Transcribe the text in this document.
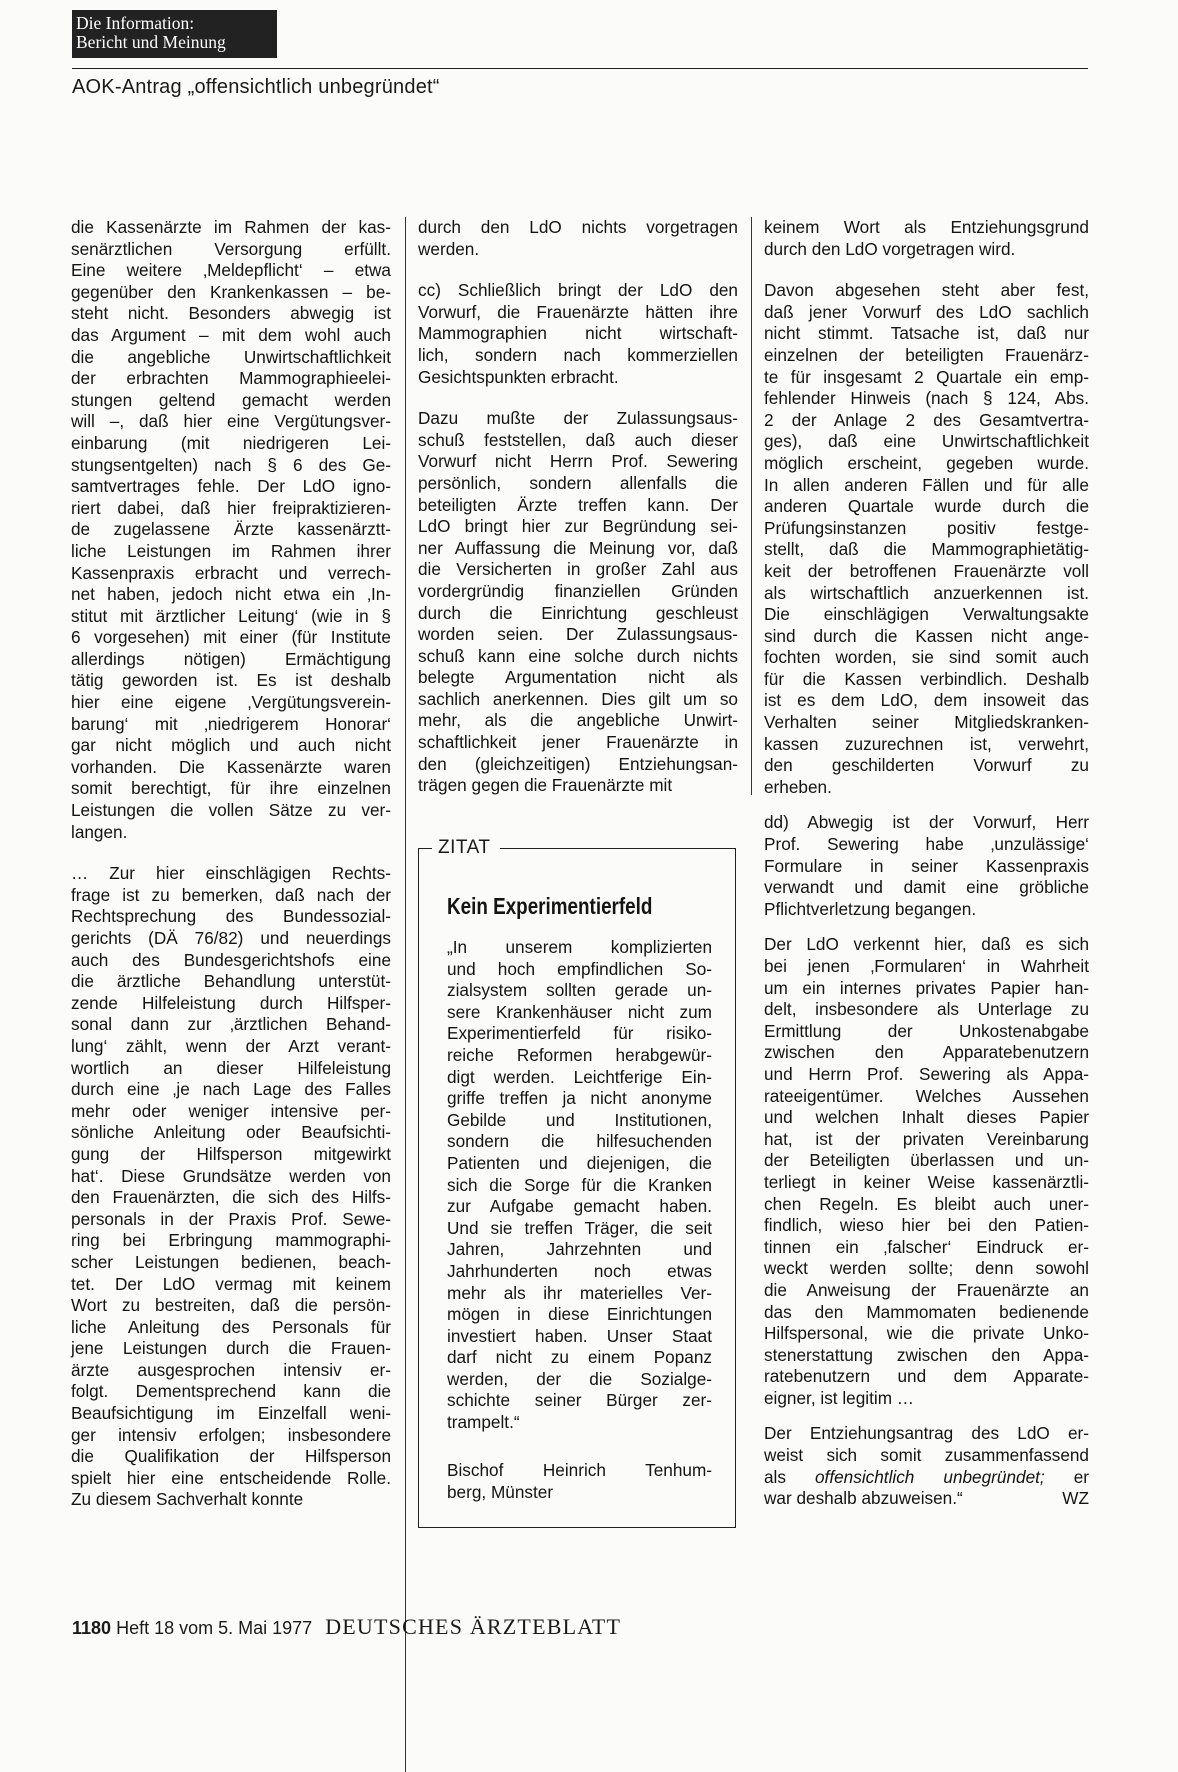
Die Information:
Bericht und Meinung
AOK-Antrag „offensichtlich unbegründet“

die Kassenärzte im Rahmen der kas-

senärztlichen Versorgung erfüllt.

Eine weitere ‚Meldepflicht‘ – etwa

gegenüber den Krankenkassen – be-

steht nicht. Besonders abwegig ist

das Argument – mit dem wohl auch

die angebliche Unwirtschaftlichkeit

der erbrachten Mammographieelei-

stungen geltend gemacht werden

will –, daß hier eine Vergütungsver-

einbarung (mit niedrigeren Lei-

stungsentgelten) nach § 6 des Ge-

samtvertrages fehle. Der LdO igno-

riert dabei, daß hier freipraktizieren-

de zugelassene Ärzte kassenärztt-

liche Leistungen im Rahmen ihrer

Kassenpraxis erbracht und verrech-

net haben, jedoch nicht etwa ein ‚In-

stitut mit ärztlicher Leitung‘ (wie in §

6 vorgesehen) mit einer (für Institute

allerdings nötigen) Ermächtigung

tätig geworden ist. Es ist deshalb

hier eine eigene ‚Vergütungsverein-

barung‘ mit ‚niedrigerem Honorar‘

gar nicht möglich und auch nicht

vorhanden. Die Kassenärzte waren

somit berechtigt, für ihre einzelnen

Leistungen die vollen Sätze zu ver-

langen.

… Zur hier einschlägigen Rechts-

frage ist zu bemerken, daß nach der

Rechtsprechung des Bundessozial-

gerichts (DÄ 76/82) und neuerdings

auch des Bundesgerichtshofs eine

die ärztliche Behandlung unterstüt-

zende Hilfeleistung durch Hilfsper-

sonal dann zur ‚ärztlichen Behand-

lung‘ zählt, wenn der Arzt verant-

wortlich an dieser Hilfeleistung

durch eine ‚je nach Lage des Falles

mehr oder weniger intensive per-

sönliche Anleitung oder Beaufsichti-

gung der Hilfsperson mitgewirkt

hat‘. Diese Grundsätze werden von

den Frauenärzten, die sich des Hilfs-

personals in der Praxis Prof. Sewe-

ring bei Erbringung mammographi-

scher Leistungen bedienen, beach-

tet. Der LdO vermag mit keinem

Wort zu bestreiten, daß die persön-

liche Anleitung des Personals für

jene Leistungen durch die Frauen-

ärzte ausgesprochen intensiv er-

folgt. Dementsprechend kann die

Beaufsichtigung im Einzelfall weni-

ger intensiv erfolgen; insbesondere

die Qualifikation der Hilfsperson

spielt hier eine entscheidende Rolle.

Zu diesem Sachverhalt konnte

durch den LdO nichts vorgetragen

werden.

cc) Schließlich bringt der LdO den

Vorwurf, die Frauenärzte hätten ihre

Mammographien nicht wirtschaft-

lich, sondern nach kommerziellen

Gesichtspunkten erbracht.

Dazu mußte der Zulassungsaus-

schuß feststellen, daß auch dieser

Vorwurf nicht Herrn Prof. Sewering

persönlich, sondern allenfalls die

beteiligten Ärzte treffen kann. Der

LdO bringt hier zur Begründung sei-

ner Auffassung die Meinung vor, daß

die Versicherten in großer Zahl aus

vordergründig finanziellen Gründen

durch die Einrichtung geschleust

worden seien. Der Zulassungsaus-

schuß kann eine solche durch nichts

belegte Argumentation nicht als

sachlich anerkennen. Dies gilt um so

mehr, als die angebliche Unwirt-

schaftlichkeit jener Frauenärzte in

den (gleichzeitigen) Entziehungsan-

trägen gegen die Frauenärzte mit

ZITAT
Kein Experimentierfeld

„In unserem komplizierten

und hoch empfindlichen So-

zialsystem sollten gerade un-

sere Krankenhäuser nicht zum

Experimentierfeld für risiko-

reiche Reformen herabgewür-

digt werden. Leichtferige Ein-

griffe treffen ja nicht anonyme

Gebilde und Institutionen,

sondern die hilfesuchenden

Patienten und diejenigen, die

sich die Sorge für die Kranken

zur Aufgabe gemacht haben.

Und sie treffen Träger, die seit

Jahren, Jahrzehnten und

Jahrhunderten noch etwas

mehr als ihr materielles Ver-

mögen in diese Einrichtungen

investiert haben. Unser Staat

darf nicht zu einem Popanz

werden, der die Sozialge-

schichte seiner Bürger zer-

trampelt.“

Bischof Heinrich Tenhum-

berg, Münster

keinem Wort als Entziehungsgrund

durch den LdO vorgetragen wird.

Davon abgesehen steht aber fest,

daß jener Vorwurf des LdO sachlich

nicht stimmt. Tatsache ist, daß nur

einzelnen der beteiligten Frauenärz-

te für insgesamt 2 Quartale ein emp-

fehlender Hinweis (nach § 124, Abs.

2 der Anlage 2 des Gesamtvertra-

ges), daß eine Unwirtschaftlichkeit

möglich erscheint, gegeben wurde.

In allen anderen Fällen und für alle

anderen Quartale wurde durch die

Prüfungsinstanzen positiv festge-

stellt, daß die Mammographietätig-

keit der betroffenen Frauenärzte voll

als wirtschaftlich anzuerkennen ist.

Die einschlägigen Verwaltungsakte

sind durch die Kassen nicht ange-

fochten worden, sie sind somit auch

für die Kassen verbindlich. Deshalb

ist es dem LdO, dem insoweit das

Verhalten seiner Mitgliedskranken-

kassen zuzurechnen ist, verwehrt,

den geschilderten Vorwurf zu

erheben.

dd) Abwegig ist der Vorwurf, Herr

Prof. Sewering habe ‚unzulässige‘

Formulare in seiner Kassenpraxis

verwandt und damit eine gröbliche

Pflichtverletzung begangen.

Der LdO verkennt hier, daß es sich

bei jenen ‚Formularen‘ in Wahrheit

um ein internes privates Papier han-

delt, insbesondere als Unterlage zu

Ermittlung der Unkostenabgabe

zwischen den Apparatebenutzern

und Herrn Prof. Sewering als Appa-

rateeigentümer. Welches Aussehen

und welchen Inhalt dieses Papier

hat, ist der privaten Vereinbarung

der Beteiligten überlassen und un-

terliegt in keiner Weise kassenärztli-

chen Regeln. Es bleibt auch uner-

findlich, wieso hier bei den Patien-

tinnen ein ‚falscher‘ Eindruck er-

weckt werden sollte; denn sowohl

die Anweisung der Frauenärzte an

das den Mammomaten bedienende

Hilfspersonal, wie die private Unko-

stenerstattung zwischen den Appa-

ratebenutzern und dem Apparate-

eigner, ist legitim …

Der Entziehungsantrag des LdO er-

weist sich somit zusammenfassend

als offensichtlich unbegründet; er

war deshalb abzuweisen.“	WZ

1180 Heft 18 vom 5. Mai 1977 DEUTSCHES ÄRZTEBLATT
